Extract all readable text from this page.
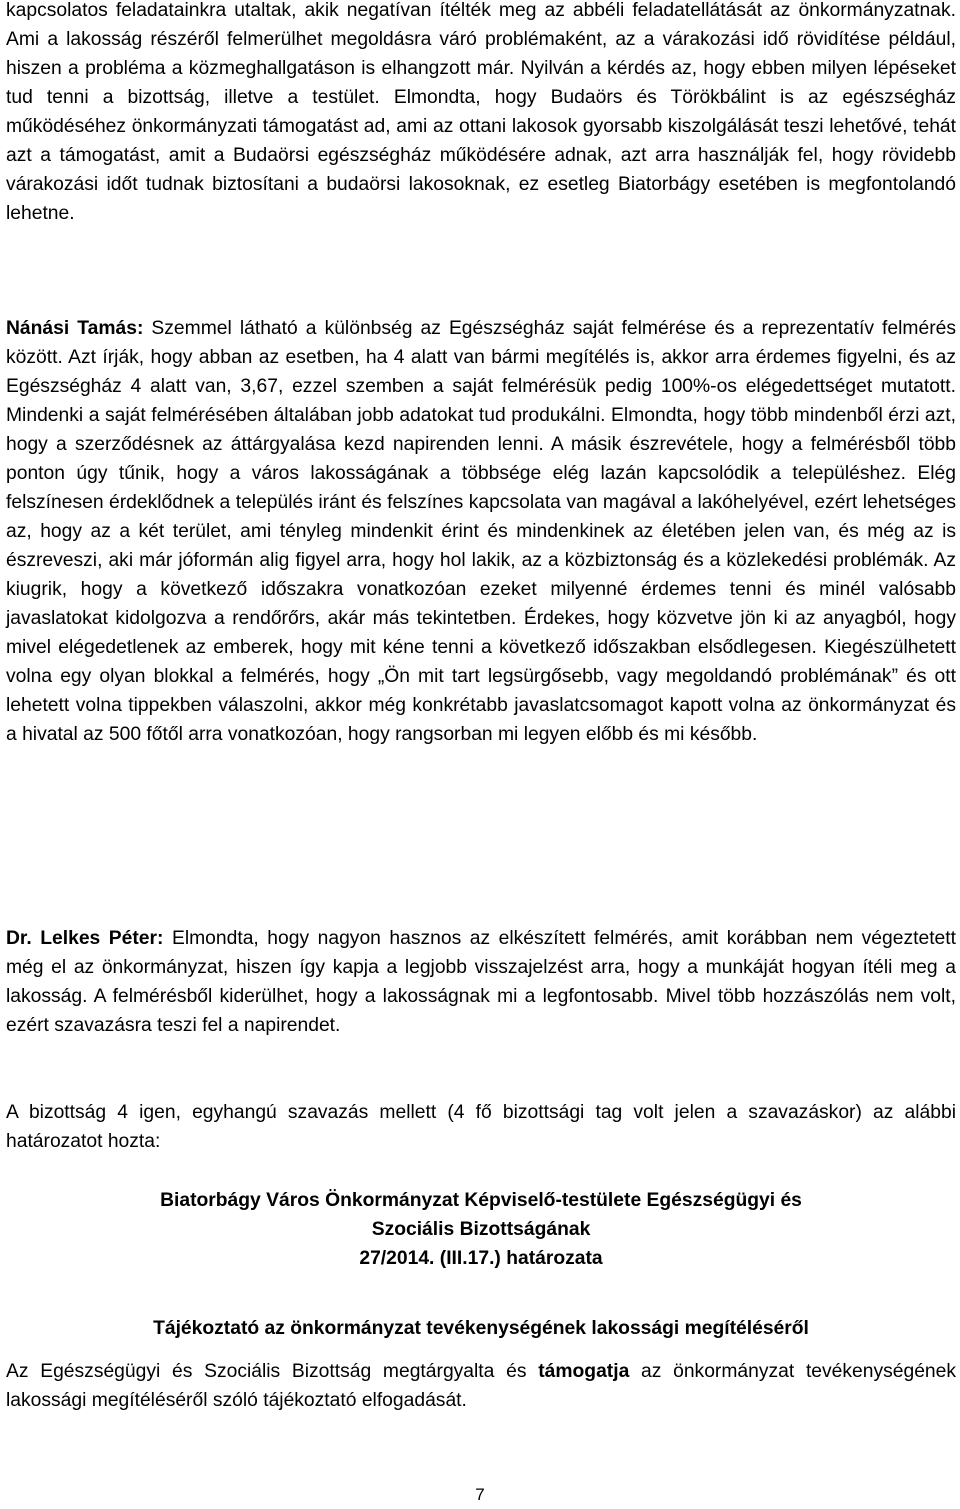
kapcsolatos feladatainkra utaltak, akik negatívan ítélték meg az abbéli feladatellátását az önkormányzatnak. Ami a lakosság részéről felmerülhet megoldásra váró problémaként, az a várakozási idő rövidítése például, hiszen a probléma a közmeghallgatáson is elhangzott már. Nyilván a kérdés az, hogy ebben milyen lépéseket tud tenni a bizottság, illetve a testület. Elmondta, hogy Budaörs és Törökbálint is az egészségház működéséhez önkormányzati támogatást ad, ami az ottani lakosok gyorsabb kiszolgálását teszi lehetővé, tehát azt a támogatást, amit a Budaörsi egészségház működésére adnak, azt arra használják fel, hogy rövidebb várakozási időt tudnak biztosítani a budaörsi lakosoknak, ez esetleg Biatorbágy esetében is megfontolandó lehetne.
Nánási Tamás: Szemmel látható a különbség az Egészségház saját felmérése és a reprezentatív felmérés között. Azt írják, hogy abban az esetben, ha 4 alatt van bármi megítélés is, akkor arra érdemes figyelni, és az Egészségház 4 alatt van, 3,67, ezzel szemben a saját felmérésük pedig 100%-os elégedettséget mutatott. Mindenki a saját felmérésében általában jobb adatokat tud produkálni. Elmondta, hogy több mindenből érzi azt, hogy a szerződésnek az áttárgyalása kezd napirenden lenni. A másik észrevétele, hogy a felmérésből több ponton úgy tűnik, hogy a város lakosságának a többsége elég lazán kapcsolódik a településhez. Elég felszínesen érdeklődnek a település iránt és felszínes kapcsolata van magával a lakóhelyével, ezért lehetséges az, hogy az a két terület, ami tényleg mindenkit érint és mindenkinek az életében jelen van, és még az is észreveszi, aki már jóformán alig figyel arra, hogy hol lakik, az a közbiztonság és a közlekedési problémák. Az kiugrik, hogy a következő időszakra vonatkozóan ezeket milyenné érdemes tenni és minél valósabb javaslatokat kidolgozva a rendőrőrs, akár más tekintetben. Érdekes, hogy közvetve jön ki az anyagból, hogy mivel elégedetlenek az emberek, hogy mit kéne tenni a következő időszakban elsődlegesen. Kiegészülhetett volna egy olyan blokkal a felmérés, hogy „Ön mit tart legsürgősebb, vagy megoldandó problémának” és ott lehetett volna tippekben válaszolni, akkor még konkrétabb javaslatcsomagot kapott volna az önkormányzat és a hivatal az 500 főtől arra vonatkozóan, hogy rangsorban mi legyen előbb és mi később.
Dr. Lelkes Péter: Elmondta, hogy nagyon hasznos az elkészített felmérés, amit korábban nem végeztetett még el az önkormányzat, hiszen így kapja a legjobb visszajelzést arra, hogy a munkáját hogyan ítéli meg a lakosság. A felmérésből kiderülhet, hogy a lakosságnak mi a legfontosabb. Mivel több hozzászólás nem volt, ezért szavazásra teszi fel a napirendet.
A bizottság 4 igen, egyhangú szavazás mellett (4 fő bizottsági tag volt jelen a szavazáskor) az alábbi határozatot hozta:
Biatorbágy Város Önkormányzat Képviselő-testülete Egészségügyi és
Szociális Bizottságának
27/2014. (III.17.) határozata
Tájékoztató az önkormányzat tevékenységének lakossági megítéléséről
Az Egészségügyi és Szociális Bizottság megtárgyalta és támogatja az önkormányzat tevékenységének lakossági megítéléséről szóló tájékoztató elfogadását.
7
